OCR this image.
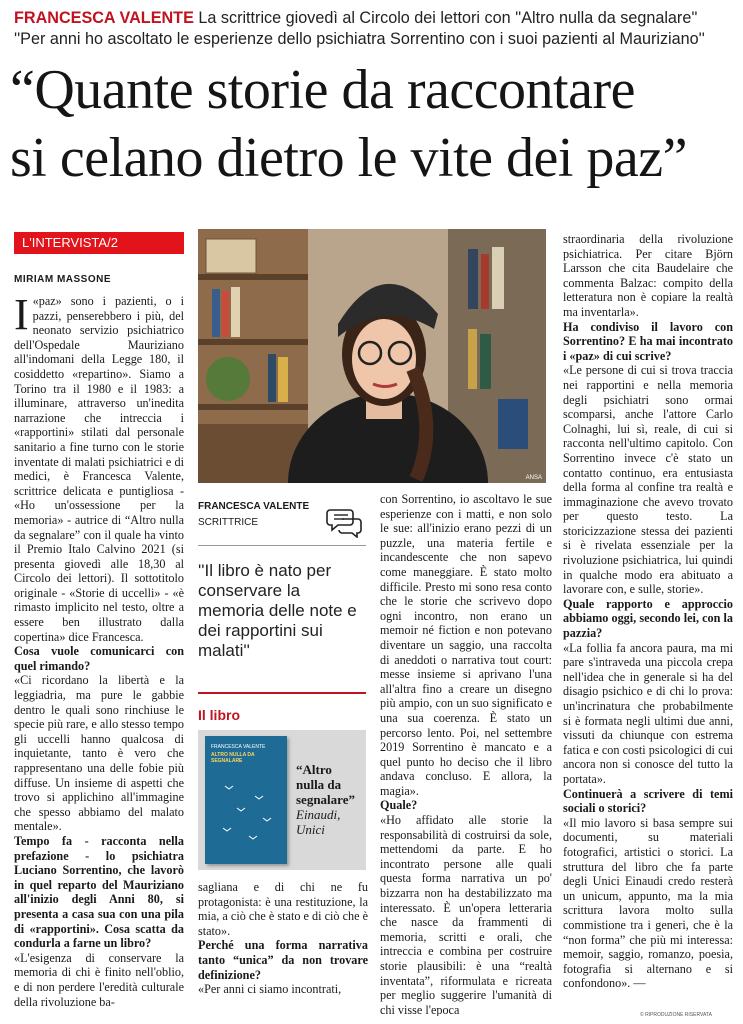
FRANCESCA VALENTE La scrittrice giovedì al Circolo dei lettori con ''Altro nulla da segnalare''
''Per anni ho ascoltato le esperienze dello psichiatra Sorrentino con i suoi pazienti al Mauriziano''
“Quante storie da raccontare
si celano dietro le vite dei paz”
L'INTERVISTA/2
MIRIAM MASSONE

I «paz» sono i pazienti, o i pazzi, penserebbero i più, del neonato servizio psichiatrico dell'Ospedale Mauriziano all'indomani della Legge 180, il cosiddetto «repartino». Siamo a Torino tra il 1980 e il 1983: a illuminare, attraverso un'inedita narrazione che intreccia i «rapportini» stilati dal personale sanitario a fine turno con le storie inventate di malati psichiatrici e di medici, è Francesca Valente, scrittrice delicata e puntigliosa - «Ho un'ossessione per la memoria» - autrice di “Altro nulla da segnalare” con il quale ha vinto il Premio Italo Calvino 2021 (si presenta giovedì alle 18,30 al Circolo dei lettori). Il sottotitolo originale - «Storie di uccelli» - «è rimasto implicito nel testo, oltre a essere ben illustrato dalla copertina» dice Francesca.

Cosa vuole comunicarci con quel rimando?

«Ci ricordano la libertà e la leggiadria, ma pure le gabbie dentro le quali sono rinchiuse le specie più rare, e allo stesso tempo gli uccelli hanno qualcosa di inquietante, tanto è vero che rappresentano una delle fobie più diffuse. Un insieme di aspetti che trovo si applichino all'immagine che spesso abbiamo del malato mentale».

Tempo fa - racconta nella prefazione - lo psichiatra Luciano Sorrentino, che lavorò in quel reparto del Mauriziano all'inizio degli Anni 80, si presenta a casa sua con una pila di «rapportini». Cosa scatta da condurla a farne un libro?

«L'esigenza di conservare la memoria di chi è finito nell'oblio, e di non perdere l'eredità culturale della rivoluzione ba-

ANSA
FRANCESCA VALENTE
SCRITTRICE
''Il libro è nato per conservare la memoria delle note e dei rapportini sui malati''
Il libro
FRANCESCA VALENTE
ALTRO NULLA DA SEGNALARE
“Altro nulla da segnalare”
Einaudi, Unici

sagliana e di chi ne fu protagonista: è una restituzione, la mia, a ciò che è stato e di ciò che è stato».

Perché una forma narrativa tanto “unica” da non trovare definizione?

«Per anni ci siamo incontrati,

con Sorrentino, io ascoltavo le sue esperienze con i matti, e non solo le sue: all'inizio erano pezzi di un puzzle, una materia fertile e incandescente che non sapevo come maneggiare. È stato molto difficile. Presto mi sono resa conto che le storie che scrivevo dopo ogni incontro, non erano un memoir né fiction e non potevano diventare un saggio, una raccolta di aneddoti o narrativa tout court: messe insieme si aprivano l'una all'altra fino a creare un disegno più ampio, con un suo significato e una sua coerenza. È stato un percorso lento. Poi, nel settembre 2019 Sorrentino è mancato e a quel punto ho deciso che il libro andava concluso. E allora, la magia».

Quale?

«Ho affidato alle storie la responsabilità di costruirsi da sole, mettendomi da parte. E ho incontrato persone alle quali questa forma narrativa un po' bizzarra non ha destabilizzato ma interessato. È un'opera letteraria che nasce da frammenti di memoria, scritti e orali, che intreccia e combina per costruire storie plausibili: è una “realtà inventata”, riformulata e ricreata per meglio suggerire l'umanità di chi visse l'epoca

straordinaria della rivoluzione psichiatrica. Per citare Björn Larsson che cita Baudelaire che commenta Balzac: compito della letteratura non è copiare la realtà ma inventarla».

Ha condiviso il lavoro con Sorrentino? E ha mai incontrato i «paz» di cui scrive?

«Le persone di cui si trova traccia nei rapportini e nella memoria degli psichiatri sono ormai scomparsi, anche l'attore Carlo Colnaghi, lui sì, reale, di cui si racconta nell'ultimo capitolo. Con Sorrentino invece c'è stato un contatto continuo, era entusiasta della forma al confine tra realtà e immaginazione che avevo trovato per questo testo. La storicizzazione stessa dei pazienti si è rivelata essenziale per la rivoluzione psichiatrica, lui quindi in qualche modo era abituato a lavorare con, e sulle, storie».

Quale rapporto e approccio abbiamo oggi, secondo lei, con la pazzia?

«La follia fa ancora paura, ma mi pare s'intraveda una piccola crepa nell'idea che in generale si ha del disagio psichico e di chi lo prova: un'incrinatura che probabilmente si è formata negli ultimi due anni, vissuti da chiunque con estrema fatica e con costi psicologici di cui ancora non si conosce del tutto la portata».

Continuerà a scrivere di temi sociali o storici?

«Il mio lavoro si basa sempre sui documenti, su materiali fotografici, artistici o storici. La struttura del libro che fa parte degli Unici Einaudi credo resterà un unicum, appunto, ma la mia scrittura lavora molto sulla commistione tra i generi, che è la “non forma” che più mi interessa: memoir, saggio, romanzo, poesia, fotografia si alternano e si confondono». —

© RIPRODUZIONE RISERVATA
